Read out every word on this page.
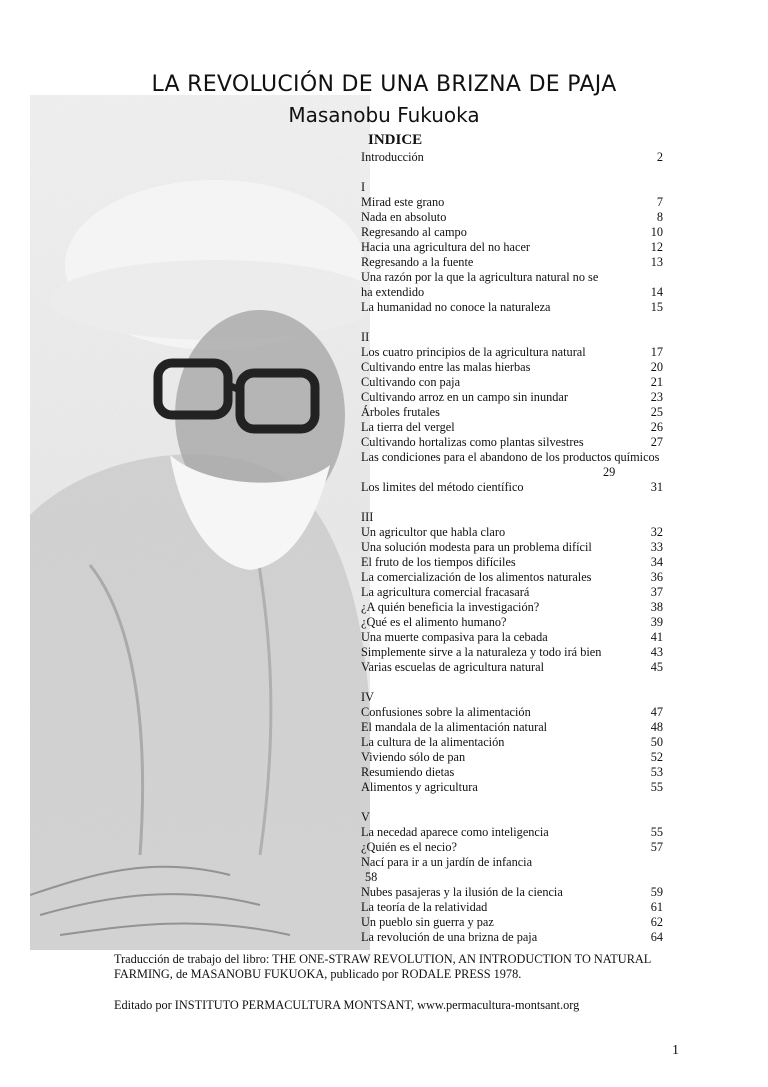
LA REVOLUCIÓN DE UNA BRIZNA DE PAJA
Masanobu Fukuoka
INDICE
Introducción	2
I
Mirad este grano	7
Nada en absoluto	8
Regresando al campo	10
Hacia una agricultura del no hacer	12
Regresando a la fuente	13
Una razón por la que la agricultura natural no se
ha extendido	14
La humanidad no conoce la naturaleza	15
II
Los cuatro principios de la agricultura natural	17
Cultivando entre las malas hierbas	20
Cultivando con paja	21
Cultivando arroz en un campo sin inundar	23
Árboles frutales	25
La tierra del vergel	26
Cultivando hortalizas como plantas silvestres	27
Las condiciones para el abandono de los productos químicos
29
Los limites del método científico	31
III
Un agricultor que habla claro	32
Una solución modesta para un problema difícil	33
El fruto de los tiempos difíciles	34
La comercialización de los alimentos naturales	36
La agricultura comercial fracasará	37
¿A quién beneficia la investigación?	38
¿Qué es el alimento humano?	39
Una muerte compasiva para la cebada	41
Simplemente sirve a la naturaleza y todo irá bien	43
Varias escuelas de agricultura natural	45
IV
Confusiones sobre la alimentación	47
El mandala de la alimentación natural	48
La cultura de la alimentación	50
Viviendo sólo de pan	52
Resumiendo dietas	53
Alimentos y agricultura	55
V
La necedad aparece como inteligencia	55
¿Quién es el necio?	57
Nací para ir a un jardín de infancia
58
Nubes pasajeras y la ilusión de la ciencia	59
La teoría de la relatividad	61
Un pueblo sin guerra y paz	62
La revolución de una brizna de paja	64
Traducción de trabajo del libro: THE ONE-STRAW REVOLUTION, AN INTRODUCTION TO NATURAL
FARMING, de MASANOBU FUKUOKA, publicado por RODALE PRESS 1978.
Editado por INSTITUTO PERMACULTURA MONTSANT, www.permacultura-montsant.org
1
